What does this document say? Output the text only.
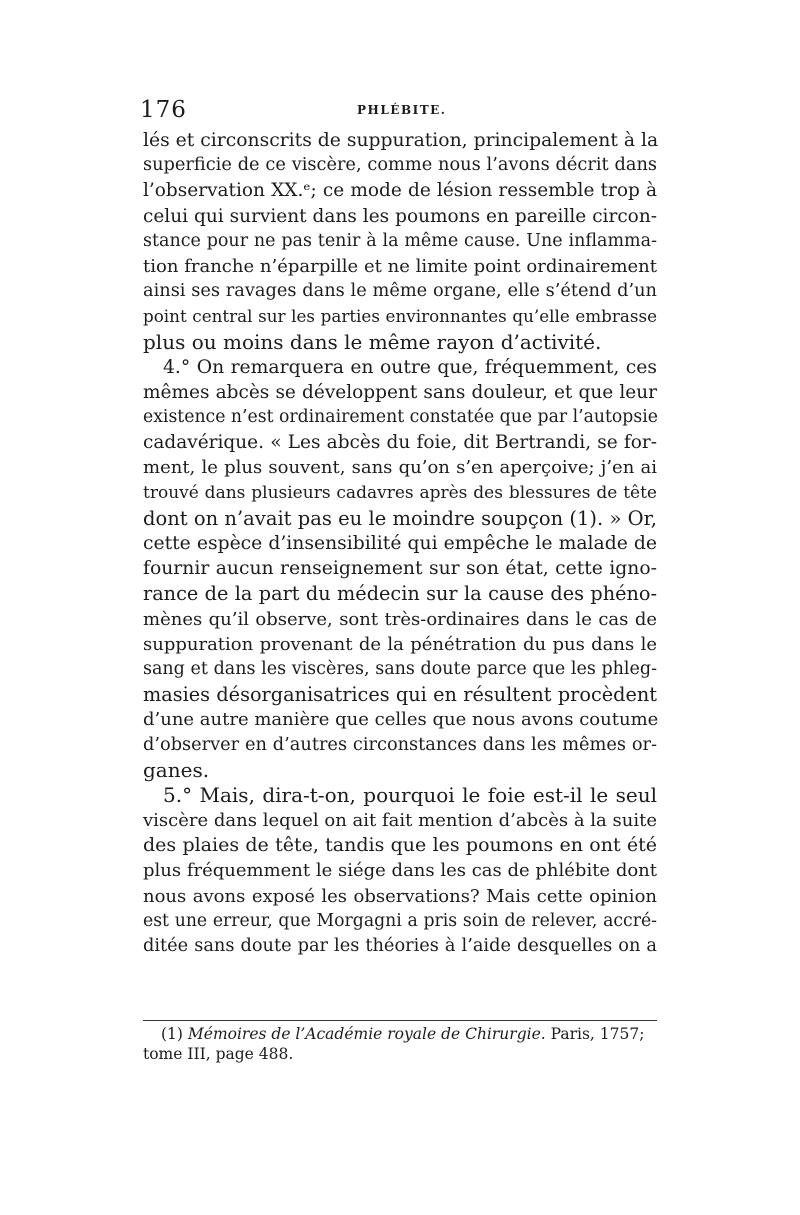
176	PHLÉBITE.
lés et circonscrits de suppuration, principalement à la
superficie de ce viscère, comme nous l’avons décrit dans
l’observation XX.ᵉ; ce mode de lésion ressemble trop à
celui qui survient dans les poumons en pareille circon-
stance pour ne pas tenir à la même cause. Une inflamma-
tion franche n’éparpille et ne limite point ordinairement
ainsi ses ravages dans le même organe, elle s’étend d’un
point central sur les parties environnantes qu’elle embrasse
plus ou moins dans le même rayon d’activité.
4.° On remarquera en outre que, fréquemment, ces
mêmes abcès se développent sans douleur, et que leur
existence n’est ordinairement constatée que par l’autopsie
cadavérique. « Les abcès du foie, dit Bertrandi, se for-
ment, le plus souvent, sans qu’on s’en aperçoive; j’en ai
trouvé dans plusieurs cadavres après des blessures de tête
dont on n’avait pas eu le moindre soupçon (1). » Or,
cette espèce d’insensibilité qui empêche le malade de
fournir aucun renseignement sur son état, cette igno-
rance de la part du médecin sur la cause des phéno-
mènes qu’il observe, sont très-ordinaires dans le cas de
suppuration provenant de la pénétration du pus dans le
sang et dans les viscères, sans doute parce que les phleg-
masies désorganisatrices qui en résultent procèdent
d’une autre manière que celles que nous avons coutume
d’observer en d’autres circonstances dans les mêmes or-
ganes.
5.° Mais, dira-t-on, pourquoi le foie est-il le seul
viscère dans lequel on ait fait mention d’abcès à la suite
des plaies de tête, tandis que les poumons en ont été
plus fréquemment le siége dans les cas de phlébite dont
nous avons exposé les observations? Mais cette opinion
est une erreur, que Morgagni a pris soin de relever, accré-
ditée sans doute par les théories à l’aide desquelles on a
(1) Mémoires de l’Académie royale de Chirurgie. Paris, 1757;
tome III, page 488.
